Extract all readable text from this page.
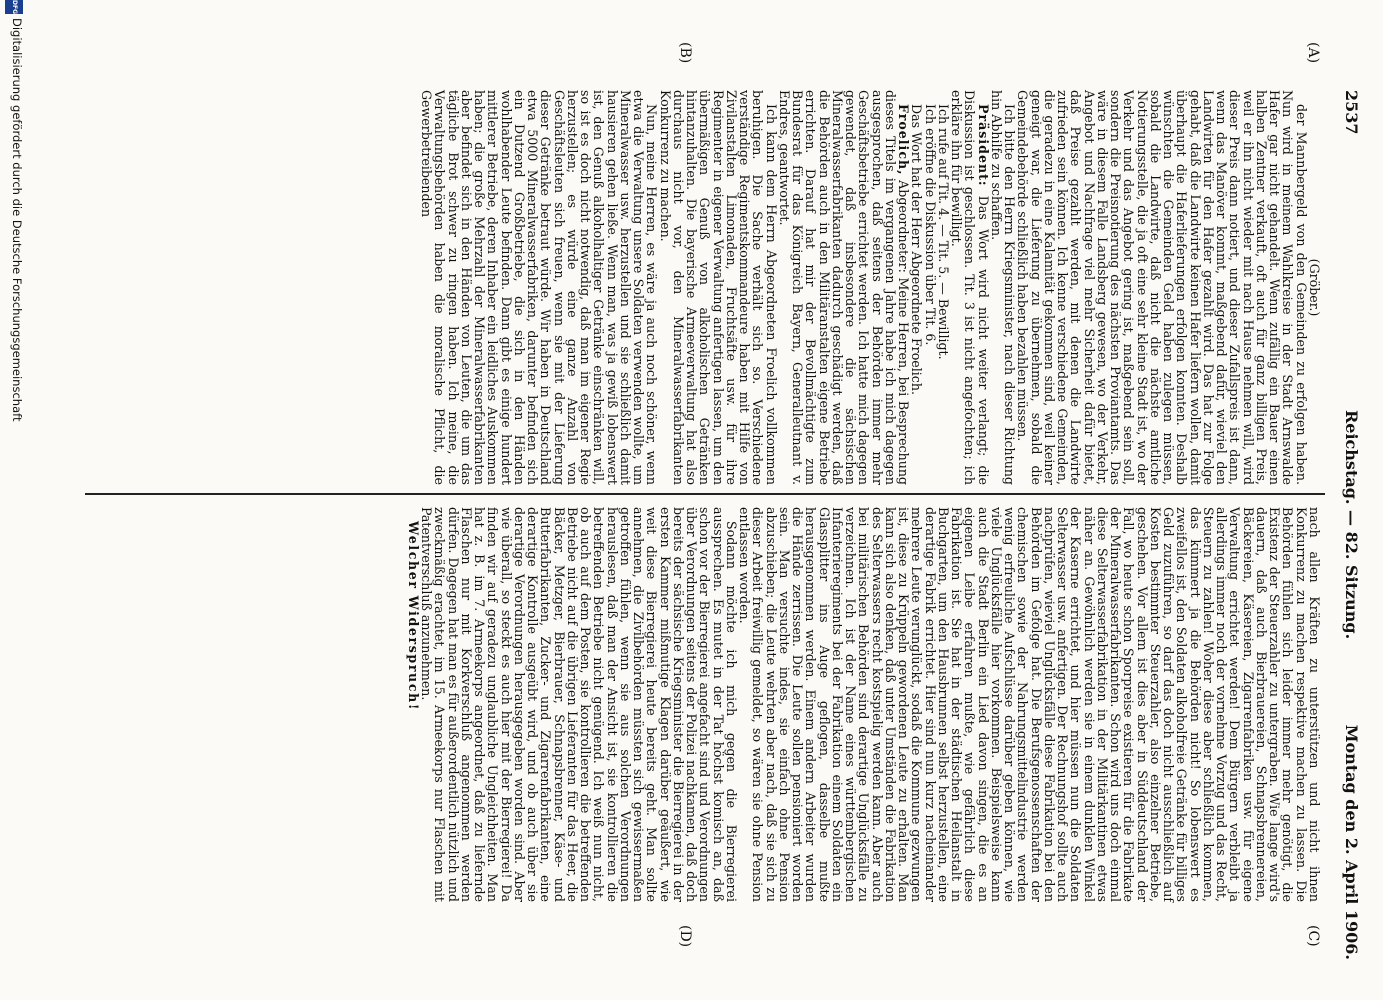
2537
Reichstag. — 82. Sitzung.
Montag den 2. April 1906.
(A)
(B)
(C)
(D)

(Gröber.)

der Mannbergeld von den Gemeinden zu erfolgen haben. Nun wird in meinem Wahlkreise in der Stadt Arnswalde Hafer gar nicht gehandelt. Wenn zufällig ein Bauer einen halben Zentner verkauft, oft auch für ganz billigen Preis, weil er ihn nicht wieder mit nach Hause nehmen will, wird dieser Preis dann notiert, und dieser Zufallspreis ist dann, wenn das Manöver kommt, maßgebend dafür, wieviel den Landwirten für den Hafer gezahlt wird. Das hat zur Folge gehabt, daß die Landwirte keinen Hafer liefern wollen, damit überhaupt die Haferlieferungen erfolgen konnten. Deshalb wünschten die Gemeinden Geld haben zulegen müssen, sobald die Landwirte, daß nicht die nächste amtliche Notierungsstelle, die ja oft eine sehr kleine Stadt ist, wo der Verkehr und das Angebot gering ist, maßgebend sein soll, sondern die Preisnotierung des nächsten Proviantamts. Das wäre in diesem Falle Landsberg gewesen, wo der Verkehr, Angebot und Nachfrage viel mehr Sicherheit dafür bietet, daß Preise gezahlt werden, mit denen die Landwirte zufrieden sein können. Ich kenne verschiedene Gemeinden, die geradezu in eine Kalamität gekommen sind, weil keiner geneigt war, die Lieferung zu übernehmen, sobald die Gemeindebehörde schließlich haben bezahlen müssen.

Ich bitte den Herrn Kriegsminister, nach dieser Richtung hin Abhilfe zu schaffen.

Präsident: Das Wort wird nicht weiter verlangt; die Diskussion ist geschlossen. Tit. 3 ist nicht angefochten; ich erkläre ihn für bewilligt.

Ich rufe auf Tit. 4. — Tit. 5. — Bewilligt.

Ich eröffne die Diskussion über Tit. 6.

Das Wort hat der Herr Abgeordnete Froelich.

Froelich, Abgeordneter: Meine Herren, bei Besprechung dieses Titels im vergangenen Jahre habe ich mich dagegen ausgesprochen, daß seitens der Behörden immer mehr Geschäftsbetriebe errichtet werden. Ich hatte mich dagegen gewendet, daß insbesondere die sächsischen Mineralwasserfabrikanten dadurch geschädigt werden, daß die Behörden auch in den Militäranstalten eigene Betriebe errichten. Darauf hat mir der Bevollmächtigte zum Bundesrat für das Königreich Bayern, Generalleutnant v. Endres, geantwortet.

Ich kann dem Herrn Abgeordneten Froelich vollkommen beruhigen. Die Sache verhält sich so. Verschiedene verständige Regimentskommandeure haben mit Hilfe von Zivilanstalten Limonaden, Fruchtsäfte usw. für ihre Regimenter in eigener Verwaltung anfertigen lassen, um den übermäßigen Genuß von alkoholischen Getränken hintanzuhalten. Die bayerische Armeeverwaltung hat also durchaus nicht vor, den Mineralwasserfabrikanten Konkurrenz zu machen.

Nun, meine Herren, es wäre ja auch noch schöner, wenn etwa die Verwaltung unsere Soldaten verwenden wollte, um Mineralwasser usw. herzustellen und sie schließlich damit hausieren gehen ließe. Wenn man, was ja gewiß lobenswert ist, den Genuß alkoholhaltiger Getränke einschränken will, so ist es doch nicht notwendig, daß man im eigener Regie herzustellen; es würde eine ganze Anzahl von Geschäftsleuten sich freuen, wenn sie mit der Lieferung dieser Getränke betraut würde. Wir haben in Deutschland etwa 5000 Mineralwasserfabriken, darunter befinden sich ein Dutzend Großbetriebe, die sich in den Händen wohlhabender Leute befinden. Dann gibt es einige hundert mittlerer Betriebe, deren Inhaber ein leidliches Auskommen haben; die große Mehrzahl der Mineralwasserfabrikanten aber befindet sich in den Händen von Leuten, die um das tägliche Brot schwer zu ringen haben. Ich meine, die Verwaltungsbehörden haben die moralische Pflicht, die Gewerbetreibenden

nach allen Kräften zu unterstützen und nicht ihnen Konkurrenz zu machen respektive machen zu lassen. Die Behörden fühlen sich leider immer mehr genötigt, die Existenz der Steuerzahler zu untergraben. Wie lange wird's dauern, daß auch Bierbrauereien, Schnapsbrennereien, Bäckereien, Käsereien, Zigarrenfabriken usw. für eigene Verwaltung errichtet werden! Dem Bürgern verbleibt ja allerdings immer noch der vornehme Vorzug und das Recht, Steuern zu zahlen! Woher diese aber schließlich kommen, das kümmert ja die Behörden nicht! So lobenswert es zweifellos ist, den Soldaten alkoholfreie Getränke für billiges Geld zuzuführen, so darf das doch nicht ausschließlich auf Kosten bestimmter Steuerzahler, also einzelner Betriebe, geschehen. Vor allem ist dies aber in Süddeutschland der Fall, wo heute schon Sporpreise existieren für die Fabrikate der Mineralwasserfabrikanten. Schon wird uns doch einmal diese Selterwasserfabrikation in der Militärkantinen etwas näher an. Gewöhnlich werden sie in einem dunklen Winkel der Kaserne errichtet, und hier müssen nun die Soldaten Selterwasser usw. anfertigen. Der Rechnungshof sollte auch nachprüfen, wieviel Unglücksfälle diese Fabrikation bei den Behörden im Gefolge hat. Die Berufsgenossenschaften der chemischen sowie der Nahrungsmittelindustrie werden wenig erfreuliche Aufschlüsse darüber geben können, wie viele Unglücksfälle hier vorkommen. Beispielsweise kann auch die Stadt Berlin ein Lied davon singen, die es an eigenen Leibe erfahren mußte, wie gefährlich diese Fabrikation ist. Sie hat in der städtischen Heilanstalt in Buchgarten, um den Hausbrunnen selbst herzustellen, eine derartige Fabrik errichtet. Hier sind nun kurz nacheinander mehrere Leute verunglückt, sodaß die Kommune gezwungen ist, diese zu Krüppeln gewordenen Leute zu erhalten. Man kann sich also denken, daß unter Umständen die Fabrikation des Selterwassers recht kostspielig werden kann. Aber auch bei militärischen Behörden sind derartige Unglücksfälle zu verzeichnen. Ich ist der Name eines württembergischen Infanterieregiments bei der Fabrikation einem Soldaten ein Glassplitter ins Auge geflogen, dasselbe mußte herausgenommen werden. Einem andern Arbeiter wurden die Hände zerrissen. Die Leute sollen pensioniert worden sein. Man versuchte indes, sie einfach ohne Pension abzuschieben; die Leute wehrten aber nach, daß sie sich zu dieser Arbeit freiwillig gemeldet, so wären sie ohne Pension entlassen worden.

Sodann möchte ich mich gegen die Bierregierei aussprechen. Es mutet in der Tat höchst komisch an, daß schon vor der Bierregierei angefacht sind und Verordnungen über Verordnungen seitens der Polizei nachkamen, daß doch bereits der sächsische Kriegsminister die Bierregierei in der ersten Kammer mißmutige Klagen darüber geäußert, wie weit diese Bierregierei heute bereits geht. Man sollte annehmen, die Zivilbehörden müssten sich gewissermaßen getroffen fühlen, wenn sie aus solchen Verordnungen herauslesen, daß man der Ansicht ist, sie kontrollieren die betreffenden Betriebe nicht genügend. Ich weiß nun nicht, ob auch auf dem Posten, sie kontrollieren die betreffenden Betriebe nicht auf die übrigen Lieferanten für das Heer, die Bäcker, Metzger, Bierbrauer, Schnapsbrenner, Käse- und Butterfabrikanten, Zucker- und Zigarrenfabrikanten, eine derartige Kontrolle ausgeübt wird, und ob auch über sie derartige Verordnungen herausgegeben worden sind. Aber wie überall, so steckt es auch hier mit der Bierregierei! Da finden wir auf geradezu unglaubliche Ungleichheiten. Man hat z. B. im 7. Armeekorps angeordnet, daß zu liefernde Flaschen nur mit Korkverschluß angenommen werden dürfen. Dagegen hat man es für außerordentlich nützlich und zweckmäßig erachtet, im 15. Armeekorps nur Flaschen mit Patentverschluß anzunehmen.

Welcher Widerspruch!

DFG
Digitalisierung gefördert durch die Deutsche Forschungsgemeinschaft
